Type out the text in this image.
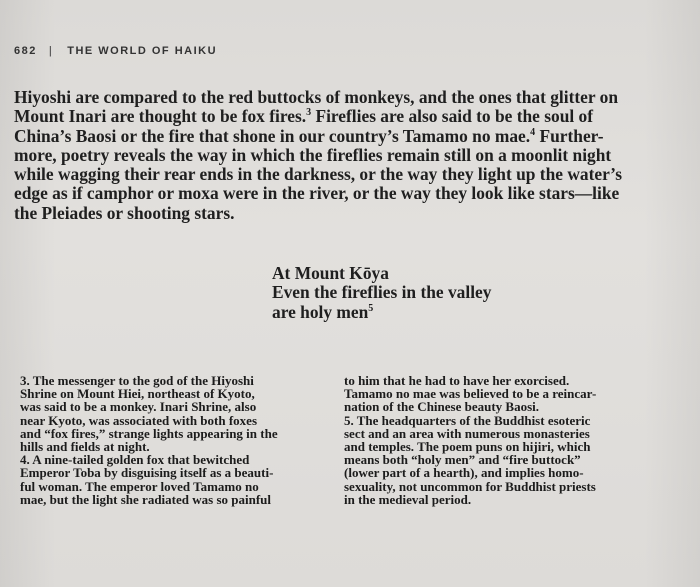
682 | THE WORLD OF HAIKU
Hiyoshi are compared to the red buttocks of monkeys, and the ones that glitter on
Mount Inari are thought to be fox fires.$^3$ Fireflies are also said to be the soul of
China’s Baosi or the fire that shone in our country’s Tamamo no mae.$^4$ Further-
more, poetry reveals the way in which the fireflies remain still on a moonlit night
while wagging their rear ends in the darkness, or the way they light up the water’s
edge as if camphor or moxa were in the river, or the way they look like stars—like
the Pleiades or shooting stars.
At Mount Kōya
Even the fireflies in the valley
are holy men$^5$
3. The messenger to the god of the Hiyoshi
Shrine on Mount Hiei, northeast of Kyoto,
was said to be a monkey. Inari Shrine, also
near Kyoto, was associated with both foxes
and “fox fires,” strange lights appearing in the
hills and fields at night.
4. A nine-tailed golden fox that bewitched
Emperor Toba by disguising itself as a beauti-
ful woman. The emperor loved Tamamo no
mae, but the light she radiated was so painful
to him that he had to have her exorcised.
Tamamo no mae was believed to be a reincar-
nation of the Chinese beauty Baosi.
5. The headquarters of the Buddhist esoteric
sect and an area with numerous monasteries
and temples. The poem puns on hijiri, which
means both “holy men” and “fire buttock”
(lower part of a hearth), and implies homo-
sexuality, not uncommon for Buddhist priests
in the medieval period.
